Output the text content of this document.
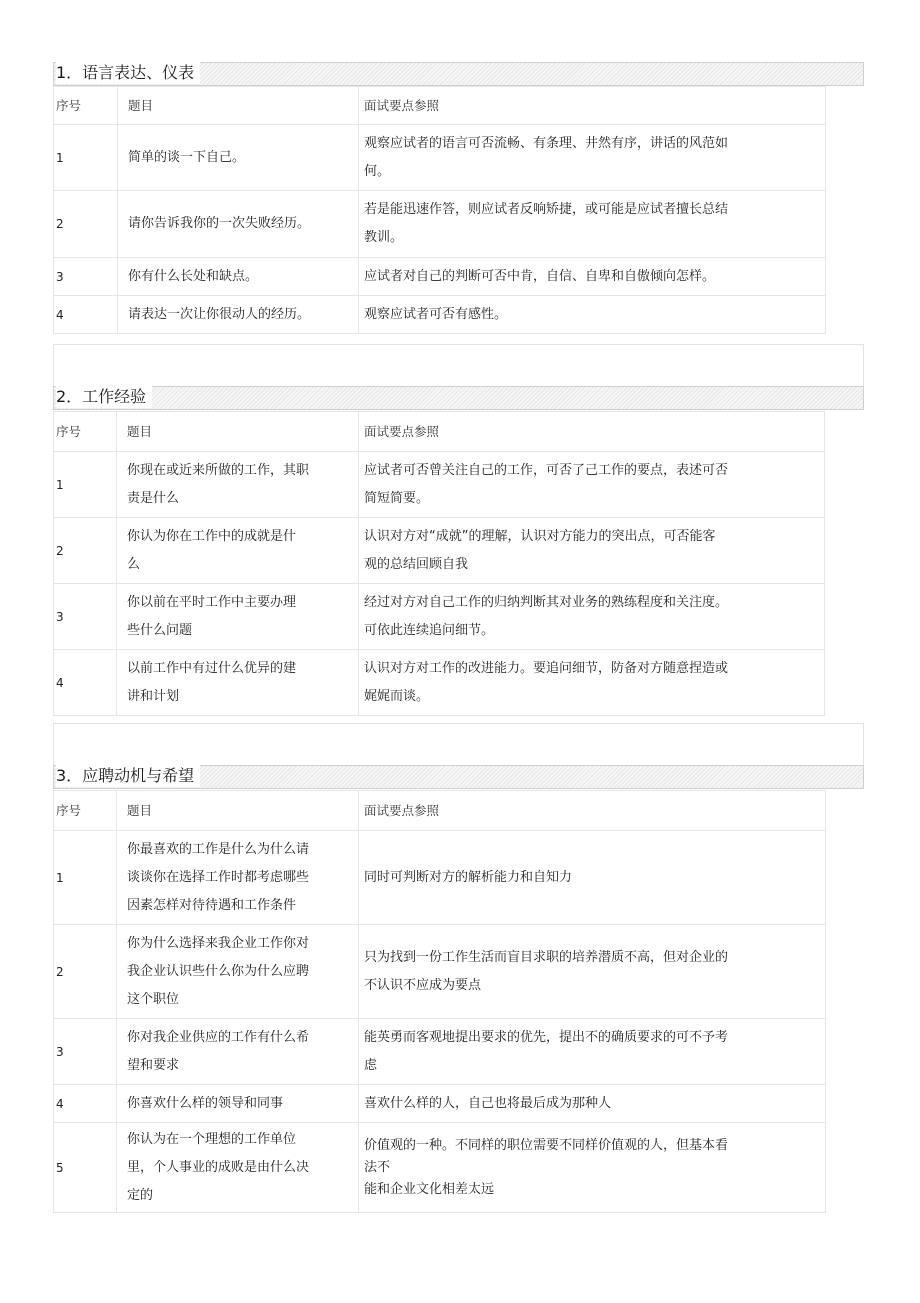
1．语言表达、仪表
序号	题目	面试要点参照
1	简单的谈一下自己。	观察应试者的语言可否流畅、有条理、井然有序，讲话的风范如
何。

2	请你告诉我你的一次失败经历。	若是能迅速作答，则应试者反响矫捷，或可能是应试者擅长总结
教训。

3	你有什么长处和缺点。	应试者对自己的判断可否中肯，自信、自卑和自傲倾向怎样。

4	请表达一次让你很动人的经历。	观察应试者可否有感性。
2．工作经验
序号	题目	面试要点参照
1	你现在或近来所做的工作，其职
责是什么	应试者可否曾关注自己的工作，可否了己工作的要点，表述可否
简短简要。

2	你认为你在工作中的成就是什
么	认识对方对“成就”的理解，认识对方能力的突出点，可否能客
观的总结回顾自我

3	你以前在平时工作中主要办理
些什么问题	经过对方对自己工作的归纳判断其对业务的熟练程度和关注度。
可依此连续追问细节。

4	以前工作中有过什么优异的建
讲和计划	认识对方对工作的改进能力。要追问细节，防备对方随意捏造或
娓娓而谈。
3．应聘动机与希望
序号	题目	面试要点参照
1	你最喜欢的工作是什么为什么请
谈谈你在选择工作时都考虑哪些
因素怎样对待待遇和工作条件	同时可判断对方的解析能力和自知力

2	你为什么选择来我企业工作你对
我企业认识些什么你为什么应聘
这个职位	只为找到一份工作生活而盲目求职的培养潜质不高，但对企业的
不认识不应成为要点

3	你对我企业供应的工作有什么希
望和要求	能英勇而客观地提出要求的优先，提出不的确质要求的可不予考
虑

4	你喜欢什么样的领导和同事	喜欢什么样的人，自己也将最后成为那种人

5	你认为在一个理想的工作单位
里，个人事业的成败是由什么决
定的	价值观的一种。不同样的职位需要不同样价值观的人，但基本看
法不
能和企业文化相差太远
